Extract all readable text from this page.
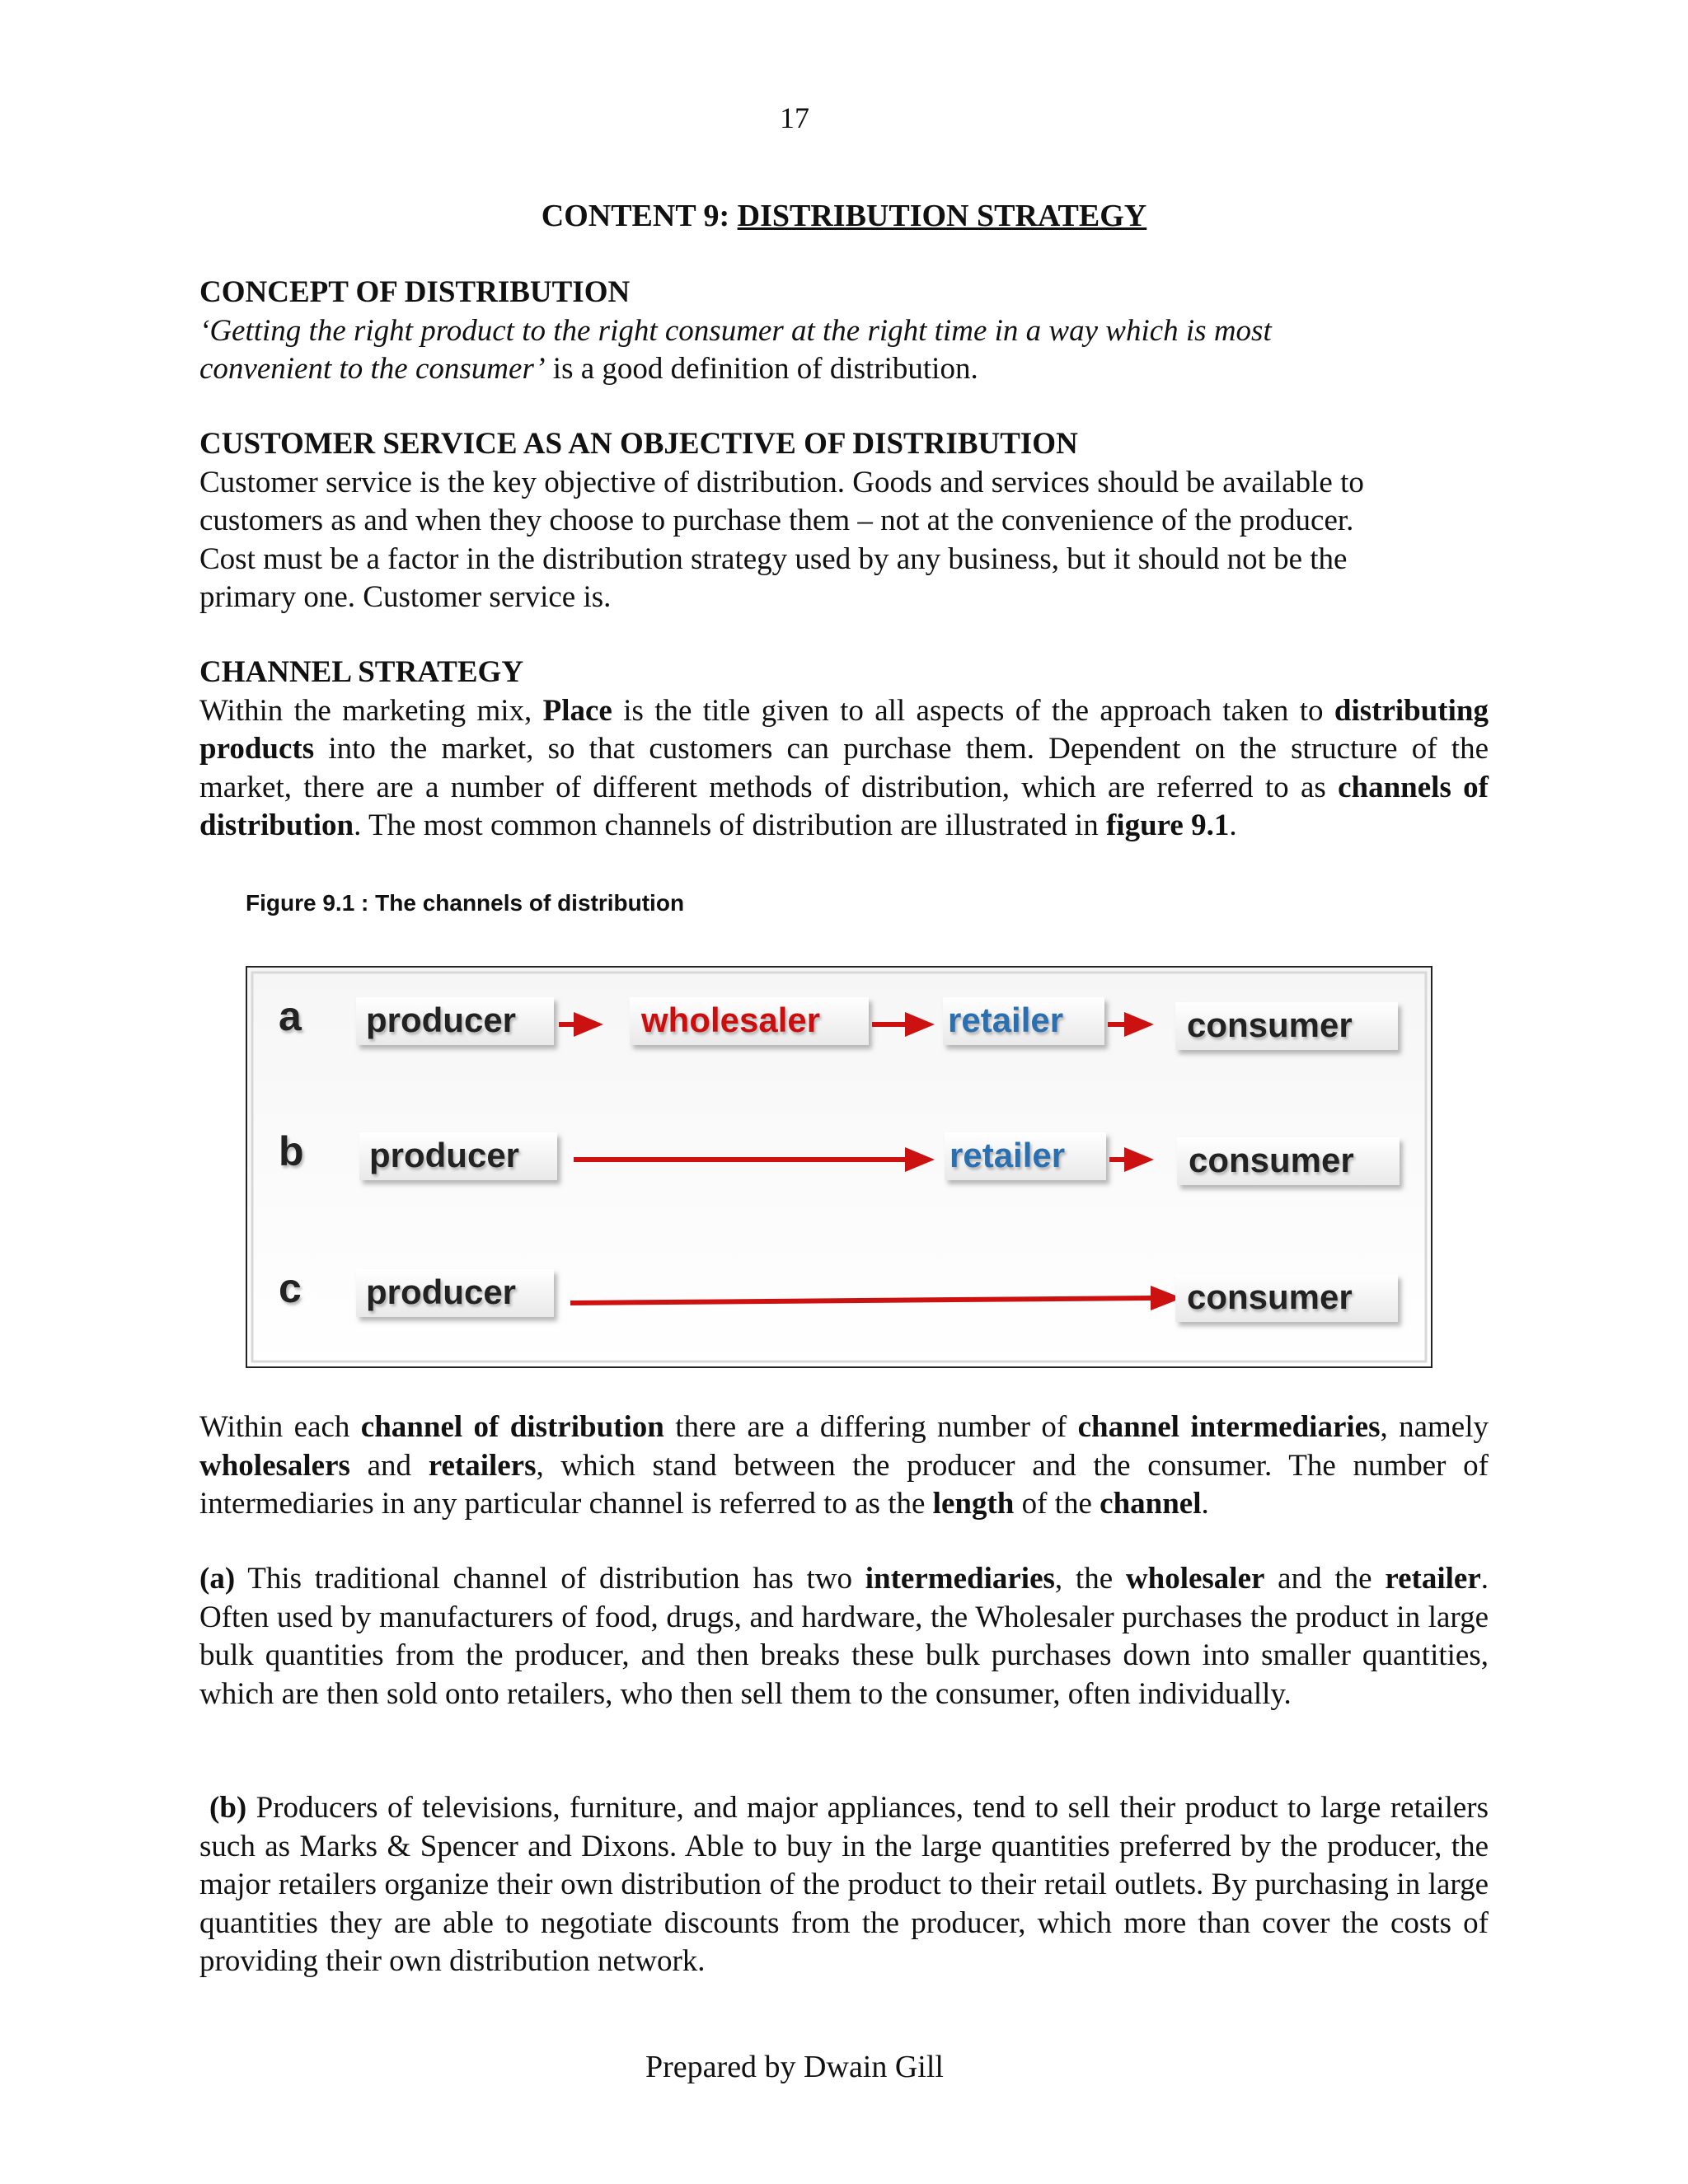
17
CONTENT 9: DISTRIBUTION STRATEGY
CONCEPT OF DISTRIBUTION
‘Getting the right product to the right consumer at the right time in a way which is most
convenient to the consumer’ is a good definition of distribution.
CUSTOMER SERVICE AS AN OBJECTIVE OF DISTRIBUTION
Customer service is the key objective of distribution. Goods and services should be available to
customers as and when they choose to purchase them – not at the convenience of the producer.
Cost must be a factor in the distribution strategy used by any business, but it should not be the
primary one. Customer service is.
CHANNEL STRATEGY
Within the marketing mix, Place is the title given to all aspects of the approach taken to distributing products into the market, so that customers can purchase them. Dependent on the structure of the market, there are a number of different methods of distribution, which are referred to as channels of distribution. The most common channels of distribution are illustrated in figure 9.1.
Figure 9.1 : The channels of distribution
a producer	wholesaler	retailer	consumer
b producer	retailer	consumer
c producer	consumer
Within each channel of distribution there are a differing number of channel intermediaries, namely wholesalers and retailers, which stand between the producer and the consumer. The number of intermediaries in any particular channel is referred to as the length of the channel.
(a) This traditional channel of distribution has two intermediaries, the wholesaler and the retailer. Often used by manufacturers of food, drugs, and hardware, the Wholesaler purchases the product in large bulk quantities from the producer, and then breaks these bulk purchases down into smaller quantities, which are then sold onto retailers, who then sell them to the consumer, often individually.
(b) Producers of televisions, furniture, and major appliances, tend to sell their product to large retailers such as Marks & Spencer and Dixons. Able to buy in the large quantities preferred by the producer, the major retailers organize their own distribution of the product to their retail outlets. By purchasing in large quantities they are able to negotiate discounts from the producer, which more than cover the costs of providing their own distribution network.
Prepared by Dwain Gill
